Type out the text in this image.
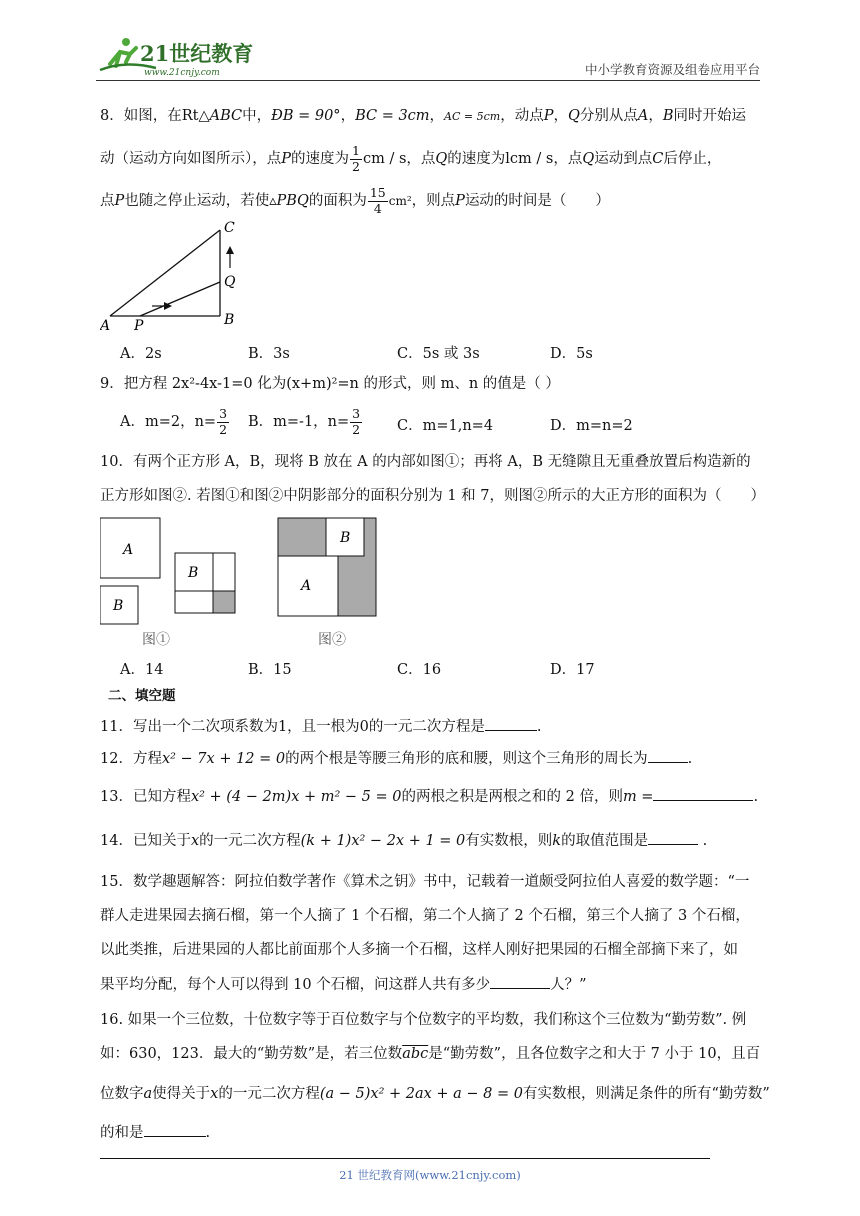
21世纪教育
www.21cnjy.com	中小学教育资源及组卷应用平台
8．如图，在Rt△ABC中，ÐB = 90°，BC = 3cm，AC = 5cm，动点P，Q分别从点A，B同时开始运
动（运动方向如图所示），点P的速度为 $\frac{1}{2}$ cm / s，点Q的速度为lcm / s，点Q运动到点C后停止，
点P也随之停止运动，若使▵PBQ的面积为 $\frac{15}{4} cm^2$，则点P运动的时间是（　　）
A	B
C
P
Q
A．2s	B．3s	C．5s 或 3s	D．5s
9．把方程 2x²-4x-1=0 化为(x+m)²=n 的形式，则 m、n 的值是（ ）
A．m=2，$n= \frac{3}{2}$ B．m=-1，$n= \frac{3}{2}$ C．m=1,n=4	D．m=n=2
10．有两个正方形 A，B，现将 B 放在 A 的内部如图①；再将 A，B 无缝隙且无重叠放置后构造新的
正方形如图②. 若图①和图②中阴影部分的面积分别为 1 和 7，则图②所示的大正方形的面积为（　　）
A
B
B
图①
B
A
图②
A．14	B．15	C．16	D．17
二、填空题
11．写出一个二次项系数为1，且一根为0的一元二次方程是	.
12．方程x² − 7x + 12 = 0的两个根是等腰三角形的底和腰，则这个三角形的周长为	.
13．已知方程x² + (4 − 2m)x + m² − 5 = 0的两根之积是两根之和的 2 倍，则m =	.
14．已知关于x的一元二次方程(k + 1)x² − 2x + 1 = 0有实数根，则k的取值范围是	.
15．数学趣题解答：阿拉伯数学著作《算术之钥》书中，记载着一道颇受阿拉伯人喜爱的数学题：“一
群人走进果园去摘石榴，第一个人摘了 1 个石榴，第二个人摘了 2 个石榴，第三个人摘了 3 个石榴，
以此类推，后进果园的人都比前面那个人多摘一个石榴，这样人刚好把果园的石榴全部摘下来了，如
果平均分配，每个人可以得到 10 个石榴，问这群人共有多少	人？”
16. 如果一个三位数，十位数字等于百位数字与个位数字的平均数，我们称这个三位数为“勤劳数”. 例
如：630，123．最大的“勤劳数”是，若三位数$\overline{abc}$是“勤劳数”，且各位数字之和大于 7 小于 10，且百
位数字a使得关于x的一元二次方程(a − 5)x² + 2ax + a − 8 = 0有实数根，则满足条件的所有“勤劳数”
的和是	.
21 世纪教育网(www.21cnjy.com)
